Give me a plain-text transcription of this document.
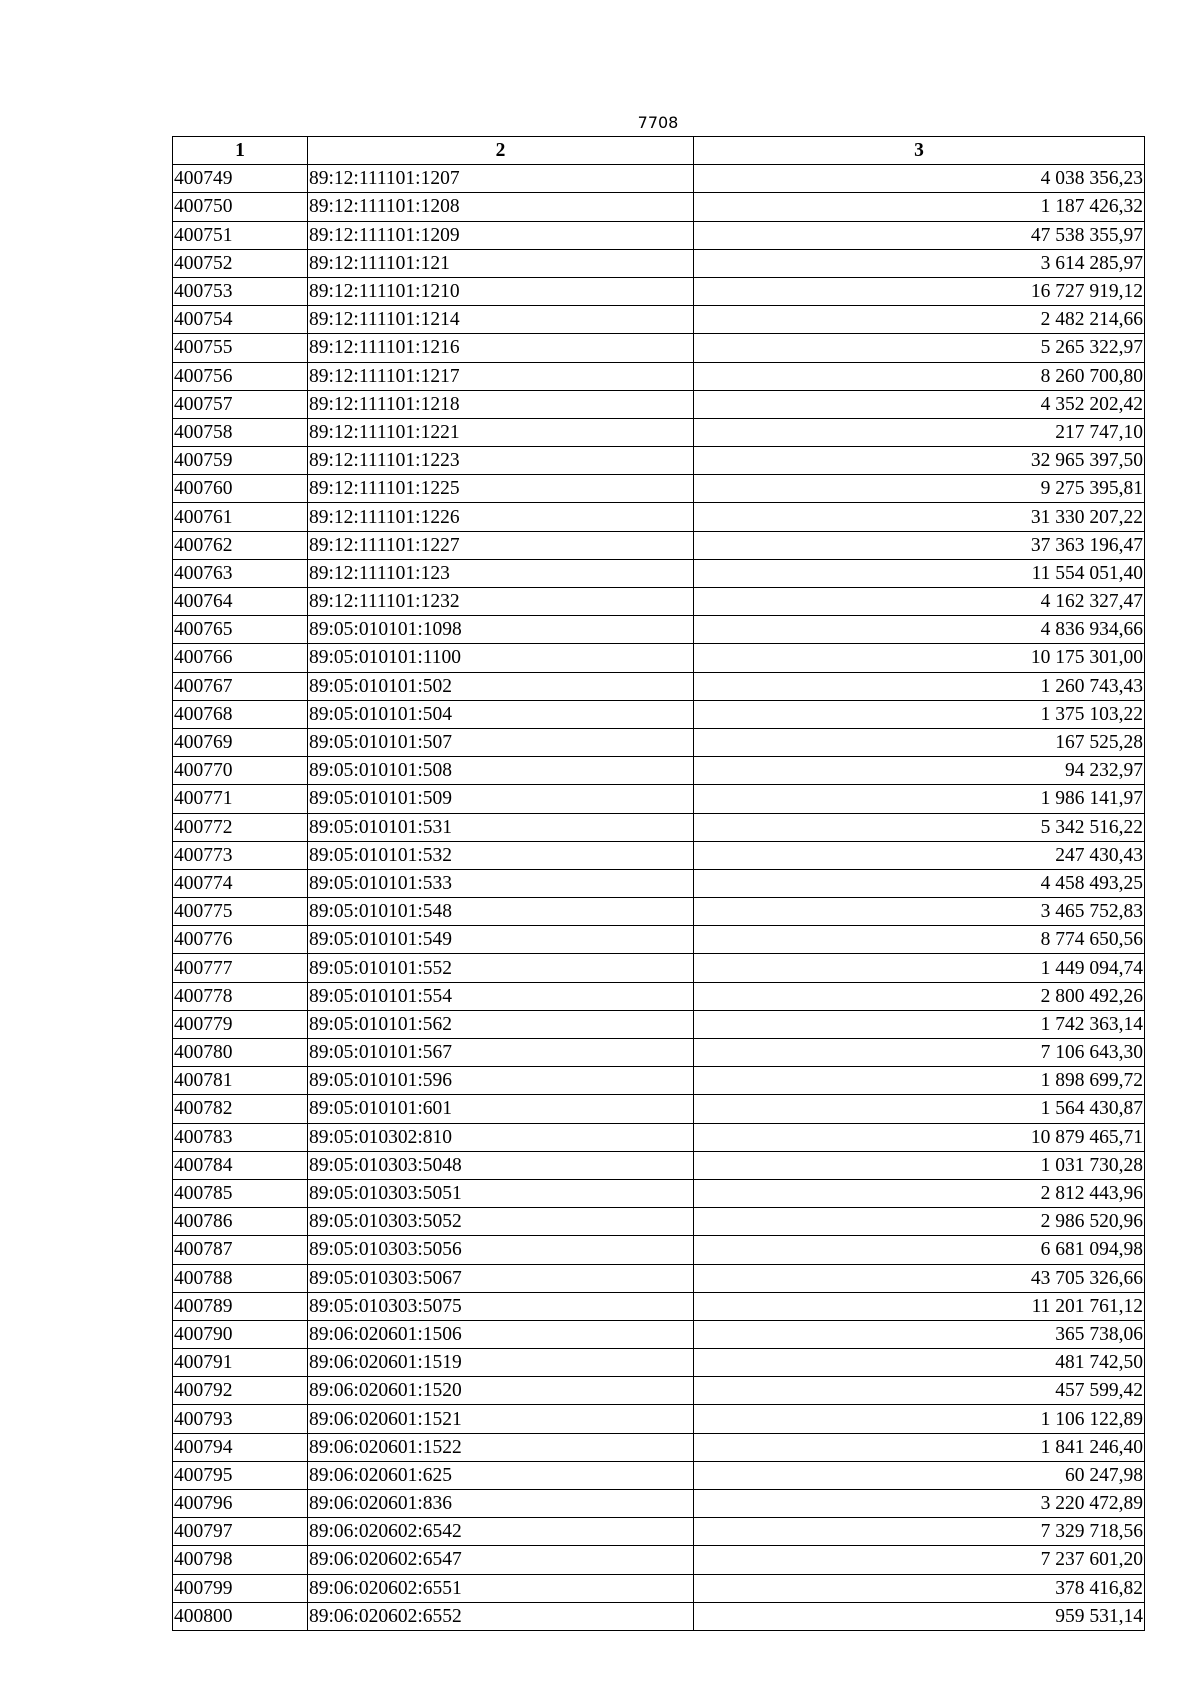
7708
1	2	3
400749	89:12:111101:1207	4 038 356,23
400750	89:12:111101:1208	1 187 426,32
400751	89:12:111101:1209	47 538 355,97
400752	89:12:111101:121	3 614 285,97
400753	89:12:111101:1210	16 727 919,12
400754	89:12:111101:1214	2 482 214,66
400755	89:12:111101:1216	5 265 322,97
400756	89:12:111101:1217	8 260 700,80
400757	89:12:111101:1218	4 352 202,42
400758	89:12:111101:1221	217 747,10
400759	89:12:111101:1223	32 965 397,50
400760	89:12:111101:1225	9 275 395,81
400761	89:12:111101:1226	31 330 207,22
400762	89:12:111101:1227	37 363 196,47
400763	89:12:111101:123	11 554 051,40
400764	89:12:111101:1232	4 162 327,47
400765	89:05:010101:1098	4 836 934,66
400766	89:05:010101:1100	10 175 301,00
400767	89:05:010101:502	1 260 743,43
400768	89:05:010101:504	1 375 103,22
400769	89:05:010101:507	167 525,28
400770	89:05:010101:508	94 232,97
400771	89:05:010101:509	1 986 141,97
400772	89:05:010101:531	5 342 516,22
400773	89:05:010101:532	247 430,43
400774	89:05:010101:533	4 458 493,25
400775	89:05:010101:548	3 465 752,83
400776	89:05:010101:549	8 774 650,56
400777	89:05:010101:552	1 449 094,74
400778	89:05:010101:554	2 800 492,26
400779	89:05:010101:562	1 742 363,14
400780	89:05:010101:567	7 106 643,30
400781	89:05:010101:596	1 898 699,72
400782	89:05:010101:601	1 564 430,87
400783	89:05:010302:810	10 879 465,71
400784	89:05:010303:5048	1 031 730,28
400785	89:05:010303:5051	2 812 443,96
400786	89:05:010303:5052	2 986 520,96
400787	89:05:010303:5056	6 681 094,98
400788	89:05:010303:5067	43 705 326,66
400789	89:05:010303:5075	11 201 761,12
400790	89:06:020601:1506	365 738,06
400791	89:06:020601:1519	481 742,50
400792	89:06:020601:1520	457 599,42
400793	89:06:020601:1521	1 106 122,89
400794	89:06:020601:1522	1 841 246,40
400795	89:06:020601:625	60 247,98
400796	89:06:020601:836	3 220 472,89
400797	89:06:020602:6542	7 329 718,56
400798	89:06:020602:6547	7 237 601,20
400799	89:06:020602:6551	378 416,82
400800	89:06:020602:6552	959 531,14
